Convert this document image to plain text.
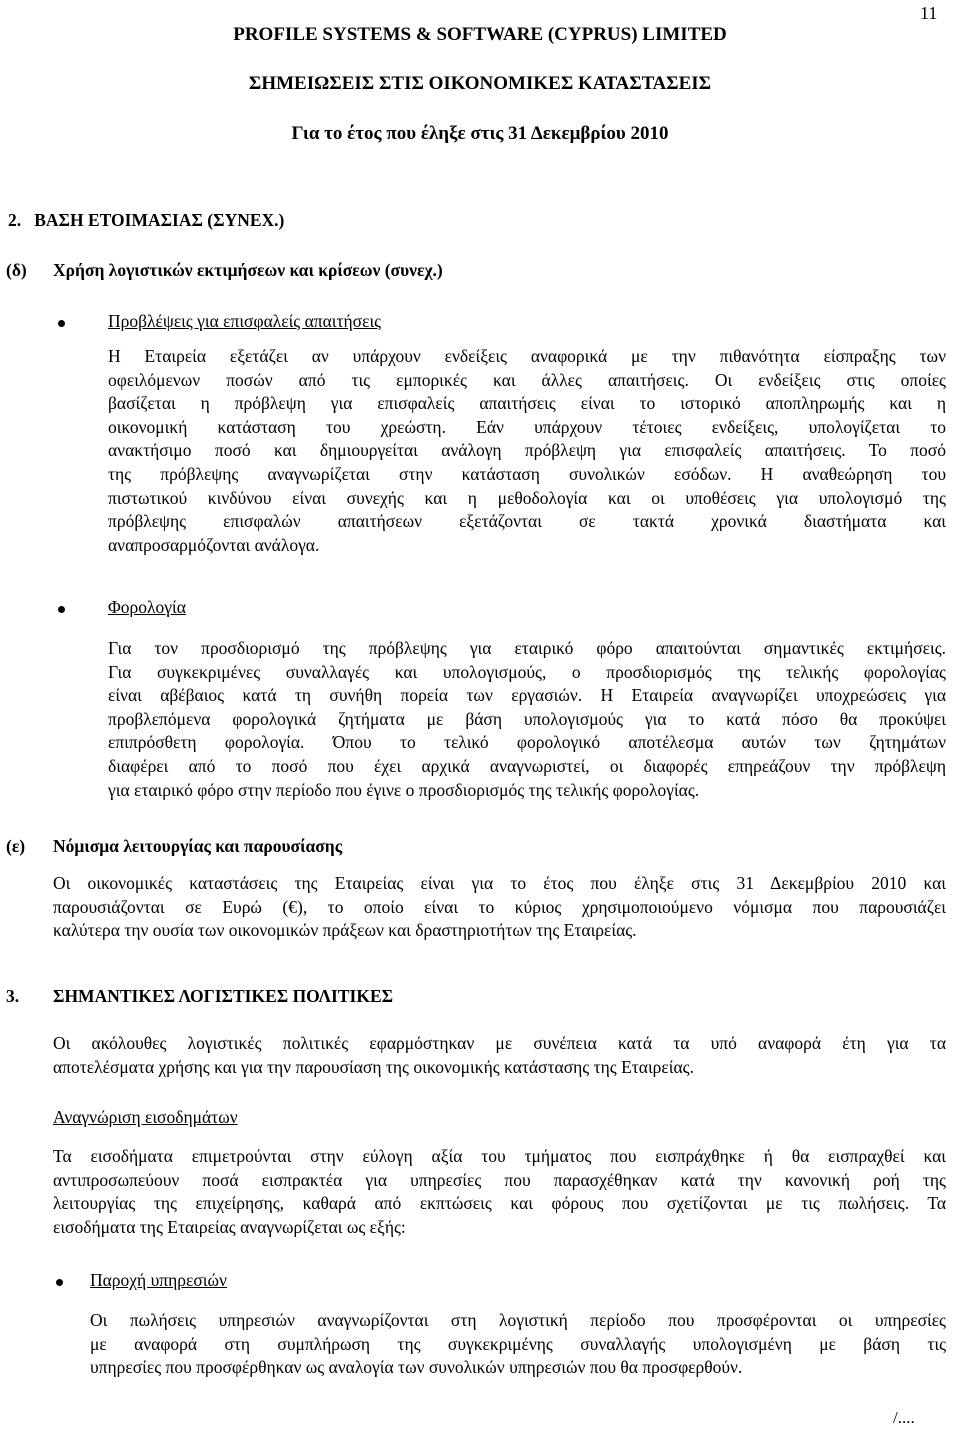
11
PROFILE SYSTEMS & SOFTWARE (CYPRUS) LIMITED
ΣΗΜΕΙΩΣΕΙΣ ΣΤΙΣ ΟΙΚΟΝΟΜΙΚΕΣ ΚΑΤΑΣΤΑΣΕΙΣ
Για το έτος που έληξε στις 31 Δεκεμβρίου 2010
2.   ΒΑΣΗ ΕΤΟΙΜΑΣΙΑΣ (ΣΥΝΕΧ.)
(δ) Χρήση λογιστικών εκτιμήσεων και κρίσεων (συνεχ.)
Προβλέψεις για επισφαλείς απαιτήσεις
Η Εταιρεία εξετάζει αν υπάρχουν ενδείξεις αναφορικά με την πιθανότητα είσπραξης των
οφειλόμενων ποσών από τις εμπορικές και άλλες απαιτήσεις. Οι ενδείξεις στις οποίες
βασίζεται η πρόβλεψη για επισφαλείς απαιτήσεις είναι το ιστορικό αποπληρωμής και η
οικονομική κατάσταση του χρεώστη. Εάν υπάρχουν τέτοιες ενδείξεις, υπολογίζεται το
ανακτήσιμο ποσό και δημιουργείται ανάλογη πρόβλεψη για επισφαλείς απαιτήσεις. Το ποσό
της πρόβλεψης αναγνωρίζεται στην κατάσταση συνολικών εσόδων. Η αναθεώρηση του
πιστωτικού κινδύνου είναι συνεχής και η μεθοδολογία και οι υποθέσεις για υπολογισμό της
πρόβλεψης επισφαλών απαιτήσεων εξετάζονται σε τακτά χρονικά διαστήματα και
αναπροσαρμόζονται ανάλογα.
Φορολογία
Για τον προσδιορισμό της πρόβλεψης για εταιρικό φόρο απαιτούνται σημαντικές εκτιμήσεις.
Για συγκεκριμένες συναλλαγές και υπολογισμούς, ο προσδιορισμός της τελικής φορολογίας
είναι αβέβαιος κατά τη συνήθη πορεία των εργασιών. Η Εταιρεία αναγνωρίζει υποχρεώσεις για
προβλεπόμενα φορολογικά ζητήματα με βάση υπολογισμούς για το κατά πόσο θα προκύψει
επιπρόσθετη φορολογία. Όπου το τελικό φορολογικό αποτέλεσμα αυτών των ζητημάτων
διαφέρει από το ποσό που έχει αρχικά αναγνωριστεί, οι διαφορές επηρεάζουν την πρόβλεψη
για εταιρικό φόρο στην περίοδο που έγινε ο προσδιορισμός της τελικής φορολογίας.
(ε) Νόμισμα λειτουργίας και παρουσίασης
Οι οικονομικές καταστάσεις της Εταιρείας είναι για το έτος που έληξε στις 31 Δεκεμβρίου 2010 και
παρουσιάζονται σε Ευρώ (€), το οποίο είναι το κύριος χρησιμοποιούμενο νόμισμα που παρουσιάζει
καλύτερα την ουσία των οικονομικών πράξεων και δραστηριοτήτων της Εταιρείας.
3. ΣΗΜΑΝΤΙΚΕΣ ΛΟΓΙΣΤΙΚΕΣ ΠΟΛΙΤΙΚΕΣ
Οι ακόλουθες λογιστικές πολιτικές εφαρμόστηκαν με συνέπεια κατά τα υπό αναφορά έτη για τα
αποτελέσματα χρήσης και για την παρουσίαση της οικονομικής κατάστασης της Εταιρείας.
Αναγνώριση εισοδημάτων
Τα εισοδήματα επιμετρούνται στην εύλογη αξία του τμήματος που εισπράχθηκε ή θα εισπραχθεί και
αντιπροσωπεύουν ποσά εισπρακτέα για υπηρεσίες που παρασχέθηκαν κατά την κανονική ροή της
λειτουργίας της επιχείρησης, καθαρά από εκπτώσεις και φόρους που σχετίζονται με τις πωλήσεις. Τα
εισοδήματα της Εταιρείας αναγνωρίζεται ως εξής:
Παροχή υπηρεσιών
Οι πωλήσεις υπηρεσιών αναγνωρίζονται στη λογιστική περίοδο που προσφέρονται οι υπηρεσίες
με αναφορά στη συμπλήρωση της συγκεκριμένης συναλλαγής υπολογισμένη με βάση τις
υπηρεσίες που προσφέρθηκαν ως αναλογία των συνολικών υπηρεσιών που θα προσφερθούν.
/....
